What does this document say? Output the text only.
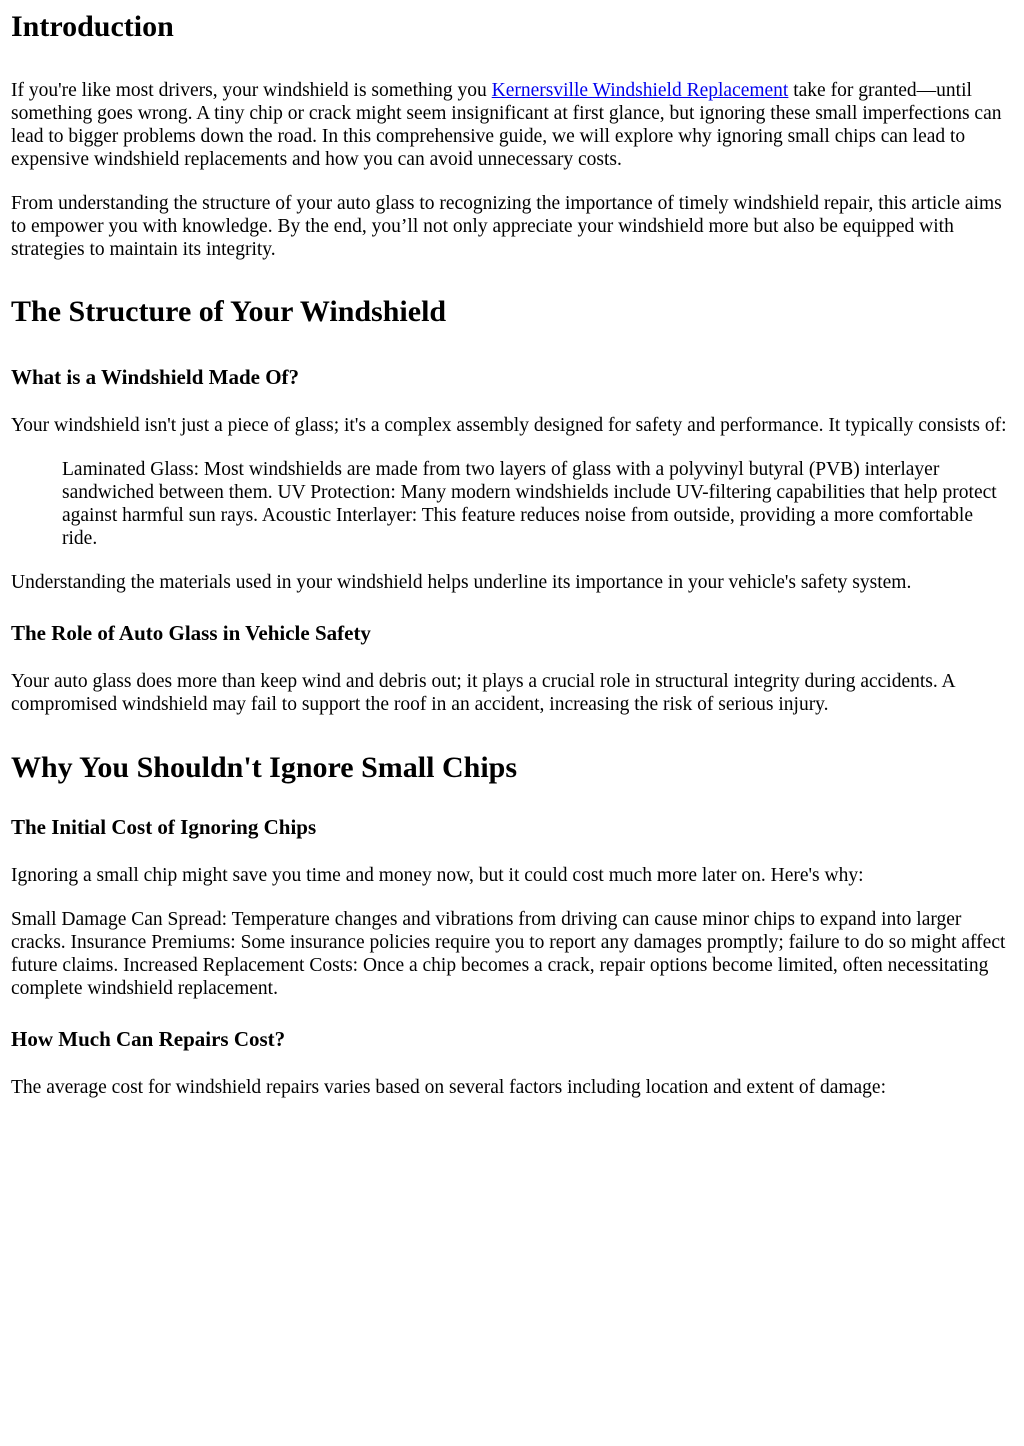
Introduction

If you're like most drivers, your windshield is something you Kernersville Windshield Replacement take for granted—until something goes wrong. A tiny chip or crack might seem insignificant at first glance, but ignoring these small imperfections can lead to bigger problems down the road. In this comprehensive guide, we will explore why ignoring small chips can lead to expensive windshield replacements and how you can avoid unnecessary costs.

From understanding the structure of your auto glass to recognizing the importance of timely windshield repair, this article aims to empower you with knowledge. By the end, you’ll not only appreciate your windshield more but also be equipped with strategies to maintain its integrity.

The Structure of Your Windshield
What is a Windshield Made Of?

Your windshield isn't just a piece of glass; it's a complex assembly designed for safety and performance. It typically consists of:

Laminated Glass: Most windshields are made from two layers of glass with a polyvinyl butyral (PVB) interlayer sandwiched between them. UV Protection: Many modern windshields include UV-filtering capabilities that help protect against harmful sun rays. Acoustic Interlayer: This feature reduces noise from outside, providing a more comfortable ride.

Understanding the materials used in your windshield helps underline its importance in your vehicle's safety system.

The Role of Auto Glass in Vehicle Safety

Your auto glass does more than keep wind and debris out; it plays a crucial role in structural integrity during accidents. A compromised windshield may fail to support the roof in an accident, increasing the risk of serious injury.

Why You Shouldn't Ignore Small Chips
The Initial Cost of Ignoring Chips

Ignoring a small chip might save you time and money now, but it could cost much more later on. Here's why:

Small Damage Can Spread: Temperature changes and vibrations from driving can cause minor chips to expand into larger cracks. Insurance Premiums: Some insurance policies require you to report any damages promptly; failure to do so might affect future claims. Increased Replacement Costs: Once a chip becomes a crack, repair options become limited, often necessitating complete windshield replacement.

How Much Can Repairs Cost?

The average cost for windshield repairs varies based on several factors including location and extent of damage:
